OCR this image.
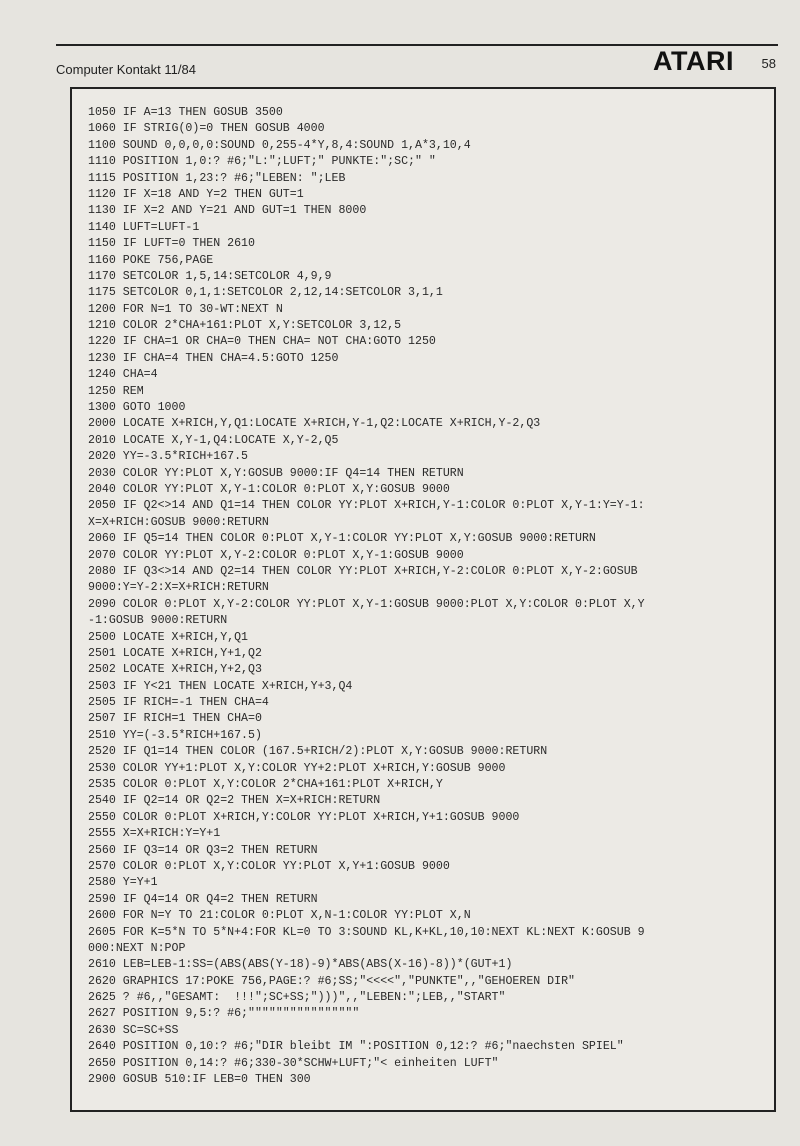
Computer Kontakt 11/84	ATARI 58
1050 IF A=13 THEN GOSUB 3500
1060 IF STRIG(0)=0 THEN GOSUB 4000
1100 SOUND 0,0,0,0:SOUND 0,255-4*Y,8,4:SOUND 1,A*3,10,4
1110 POSITION 1,0:? #6;"L:";LUFT;" PUNKTE:";SC;" "
1115 POSITION 1,23:? #6;"LEBEN: ";LEB
1120 IF X=18 AND Y=2 THEN GUT=1
1130 IF X=2 AND Y=21 AND GUT=1 THEN 8000
1140 LUFT=LUFT-1
1150 IF LUFT=0 THEN 2610
1160 POKE 756,PAGE
1170 SETCOLOR 1,5,14:SETCOLOR 4,9,9
1175 SETCOLOR 0,1,1:SETCOLOR 2,12,14:SETCOLOR 3,1,1
1200 FOR N=1 TO 30-WT:NEXT N
1210 COLOR 2*CHA+161:PLOT X,Y:SETCOLOR 3,12,5
1220 IF CHA=1 OR CHA=0 THEN CHA= NOT CHA:GOTO 1250
1230 IF CHA=4 THEN CHA=4.5:GOTO 1250
1240 CHA=4
1250 REM
1300 GOTO 1000
2000 LOCATE X+RICH,Y,Q1:LOCATE X+RICH,Y-1,Q2:LOCATE X+RICH,Y-2,Q3
2010 LOCATE X,Y-1,Q4:LOCATE X,Y-2,Q5
2020 YY=-3.5*RICH+167.5
2030 COLOR YY:PLOT X,Y:GOSUB 9000:IF Q4=14 THEN RETURN
2040 COLOR YY:PLOT X,Y-1:COLOR 0:PLOT X,Y:GOSUB 9000
2050 IF Q2<>14 AND Q1=14 THEN COLOR YY:PLOT X+RICH,Y-1:COLOR 0:PLOT X,Y-1:Y=Y-1:
X=X+RICH:GOSUB 9000:RETURN
2060 IF Q5=14 THEN COLOR 0:PLOT X,Y-1:COLOR YY:PLOT X,Y:GOSUB 9000:RETURN
2070 COLOR YY:PLOT X,Y-2:COLOR 0:PLOT X,Y-1:GOSUB 9000
2080 IF Q3<>14 AND Q2=14 THEN COLOR YY:PLOT X+RICH,Y-2:COLOR 0:PLOT X,Y-2:GOSUB
9000:Y=Y-2:X=X+RICH:RETURN
2090 COLOR 0:PLOT X,Y-2:COLOR YY:PLOT X,Y-1:GOSUB 9000:PLOT X,Y:COLOR 0:PLOT X,Y
-1:GOSUB 9000:RETURN
2500 LOCATE X+RICH,Y,Q1
2501 LOCATE X+RICH,Y+1,Q2
2502 LOCATE X+RICH,Y+2,Q3
2503 IF Y<21 THEN LOCATE X+RICH,Y+3,Q4
2505 IF RICH=-1 THEN CHA=4
2507 IF RICH=1 THEN CHA=0
2510 YY=(-3.5*RICH+167.5)
2520 IF Q1=14 THEN COLOR (167.5+RICH/2):PLOT X,Y:GOSUB 9000:RETURN
2530 COLOR YY+1:PLOT X,Y:COLOR YY+2:PLOT X+RICH,Y:GOSUB 9000
2535 COLOR 0:PLOT X,Y:COLOR 2*CHA+161:PLOT X+RICH,Y
2540 IF Q2=14 OR Q2=2 THEN X=X+RICH:RETURN
2550 COLOR 0:PLOT X+RICH,Y:COLOR YY:PLOT X+RICH,Y+1:GOSUB 9000
2555 X=X+RICH:Y=Y+1
2560 IF Q3=14 OR Q3=2 THEN RETURN
2570 COLOR 0:PLOT X,Y:COLOR YY:PLOT X,Y+1:GOSUB 9000
2580 Y=Y+1
2590 IF Q4=14 OR Q4=2 THEN RETURN
2600 FOR N=Y TO 21:COLOR 0:PLOT X,N-1:COLOR YY:PLOT X,N
2605 FOR K=5*N TO 5*N+4:FOR KL=0 TO 3:SOUND KL,K+KL,10,10:NEXT KL:NEXT K:GOSUB 9
000:NEXT N:POP
2610 LEB=LEB-1:SS=(ABS(ABS(Y-18)-9)*ABS(ABS(X-16)-8))*(GUT+1)
2620 GRAPHICS 17:POKE 756,PAGE:? #6;SS;"<<<<","PUNKTE",,"GEHOEREN DIR"
2625 ? #6,,"GESAMT:  !!!";SC+SS;")))",,"LEBEN:";LEB,,"START"
2627 POSITION 9,5:? #6;""""""""""""""""
2630 SC=SC+SS
2640 POSITION 0,10:? #6;"DIR bleibt IM ":POSITION 0,12:? #6;"naechsten SPIEL"
2650 POSITION 0,14:? #6;330-30*SCHW+LUFT;"< einheiten LUFT"
2900 GOSUB 510:IF LEB=0 THEN 300
